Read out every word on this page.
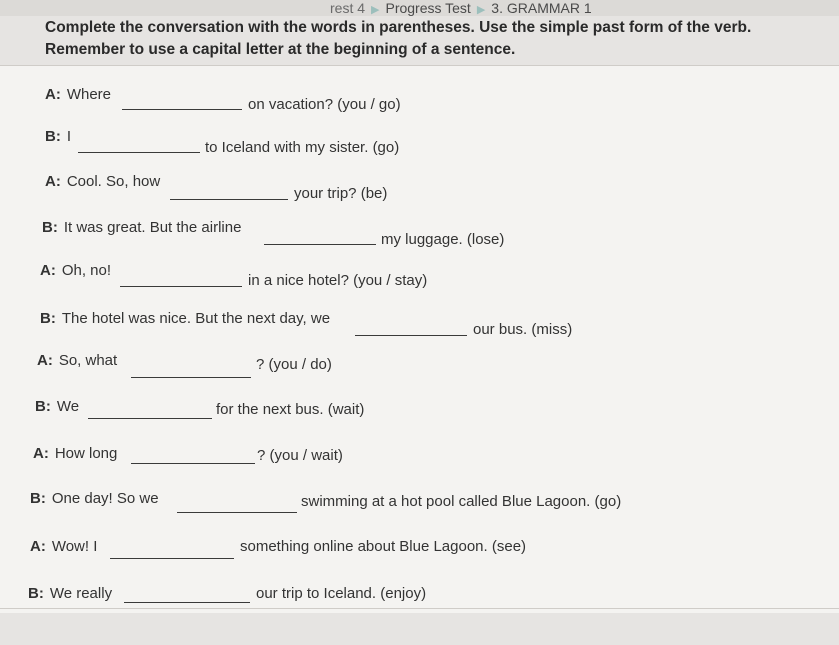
rest 4 ▶ Progress Test ▶ 3. GRAMMAR 1
Complete the conversation with the words in parentheses. Use the simple past form of the verb. Remember to use a capital letter at the beginning of a sentence.
A: Where
on vacation? (you / go)
B: I
to Iceland with my sister. (go)
A: Cool. So, how
your trip? (be)
B: It was great. But the airline
my luggage. (lose)
A: Oh, no!
in a nice hotel? (you / stay)
B: The hotel was nice. But the next day, we
our bus. (miss)
A: So, what	? (you / do)
B: We	for the next bus. (wait)
A: How long	? (you / wait)
B: One day! So we	swimming at a hot pool called Blue Lagoon. (go)
A: Wow! I	something online about Blue Lagoon. (see)
B: We really	our trip to Iceland. (enjoy)
